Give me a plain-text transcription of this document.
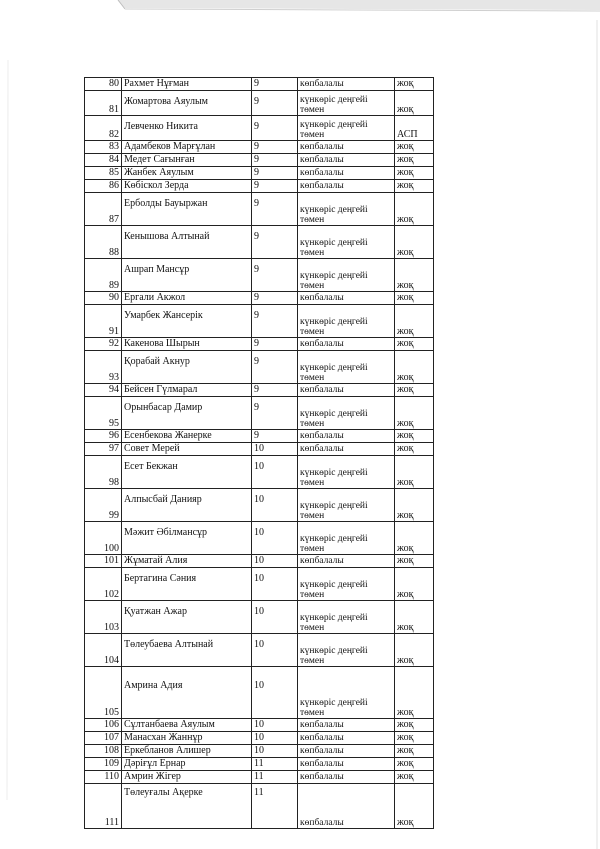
80	Рахмет Нұғман	9	көпбалалы	жоқ
81	Жомартова Аяулым	9	күнкөріс деңгейі төмен	жоқ
82	Левченко Никита	9	күнкөріс деңгейі төмен	АСП
83	Адамбеков Марғұлан	9	көпбалалы	жоқ
84	Медет Сағынған	9	көпбалалы	жоқ
85	Жанбек Аяулым	9	көпбалалы	жоқ
86	Көбіскол Зерда	9	көпбалалы	жоқ
87	Ерболды Бауыржан	9	күнкөріс деңгейі төмен	жоқ
88	Кенышова Алтынай	9	күнкөріс деңгейі төмен	жоқ
89	Ашрап Мансұр	9	күнкөріс деңгейі төмен	жоқ
90	Ергали Акжол	9	көпбалалы	жоқ
91	Умарбек Жансерік	9	күнкөріс деңгейі төмен	жоқ
92	Какенова Шырын	9	көпбалалы	жоқ
93	Қорабай Акнур	9	күнкөріс деңгейі төмен	жоқ
94	Бейсен Гүлмарал	9	көпбалалы	жоқ
95	Орынбасар Дамир	9	күнкөріс деңгейі төмен	жоқ
96	Есенбекова Жанерке	9	көпбалалы	жоқ
97	Совет Мерей	10	көпбалалы	жоқ
98	Есет Бекжан	10	күнкөріс деңгейі төмен	жоқ
99	Алпысбай Данияр	10	күнкөріс деңгейі төмен	жоқ
100	Мәжит Әбілмансұр	10	күнкөріс деңгейі төмен	жоқ
101	Жұматай Алия	10	көпбалалы	жоқ
102	Бертагина Сәния	10	күнкөріс деңгейі төмен	жоқ
103	Қуатжан Ажар	10	күнкөріс деңгейі төмен	жоқ
104	Төлеубаева Алтынай	10	күнкөріс деңгейі төмен	жоқ
105	Амрина Адия	10	күнкөріс деңгейі төмен	жоқ
106	Сұлтанбаева Аяулым	10	көпбалалы	жоқ
107	Манасхан Жаннұр	10	көпбалалы	жоқ
108	Еркебланов Алишер	10	көпбалалы	жоқ
109	Дәріғұл Ернар	11	көпбалалы	жоқ
110	Амрин Жігер	11	көпбалалы	жоқ
111	Төлеуғалы Ақерке	11	көпбалалы	жоқ
